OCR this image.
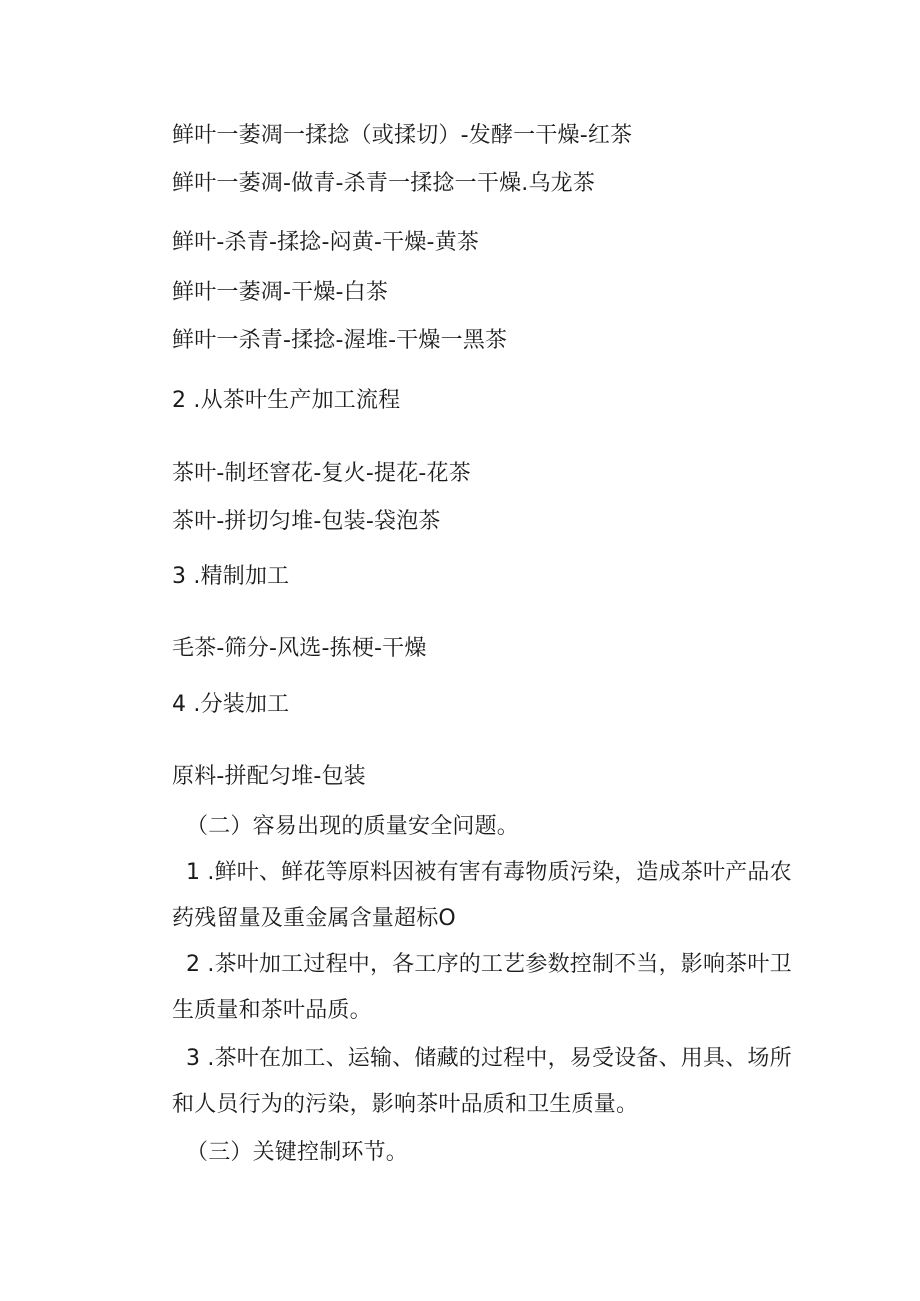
鲜叶一萎凋一揉捻（或揉切）-发酵一干燥-红茶
鲜叶一萎凋-做青-杀青一揉捻一干燥.乌龙茶
鲜叶-杀青-揉捻-闷黄-干燥-黄茶
鲜叶一萎凋-干燥-白茶
鲜叶一杀青-揉捻-渥堆-干燥一黑茶
2 .从茶叶生产加工流程
茶叶-制坯窨花-复火-提花-花茶
茶叶-拼切匀堆-包装-袋泡茶
3 .精制加工
毛茶-筛分-风选-拣梗-干燥
4 .分装加工
原料-拼配匀堆-包装
（二）容易出现的质量安全问题。
1 .鲜叶、鲜花等原料因被有害有毒物质污染，造成茶叶产品农
药残留量及重金属含量超标O
2 .茶叶加工过程中，各工序的工艺参数控制不当，影响茶叶卫
生质量和茶叶品质。
3 .茶叶在加工、运输、储藏的过程中，易受设备、用具、场所
和人员行为的污染，影响茶叶品质和卫生质量。
（三）关键控制环节。
